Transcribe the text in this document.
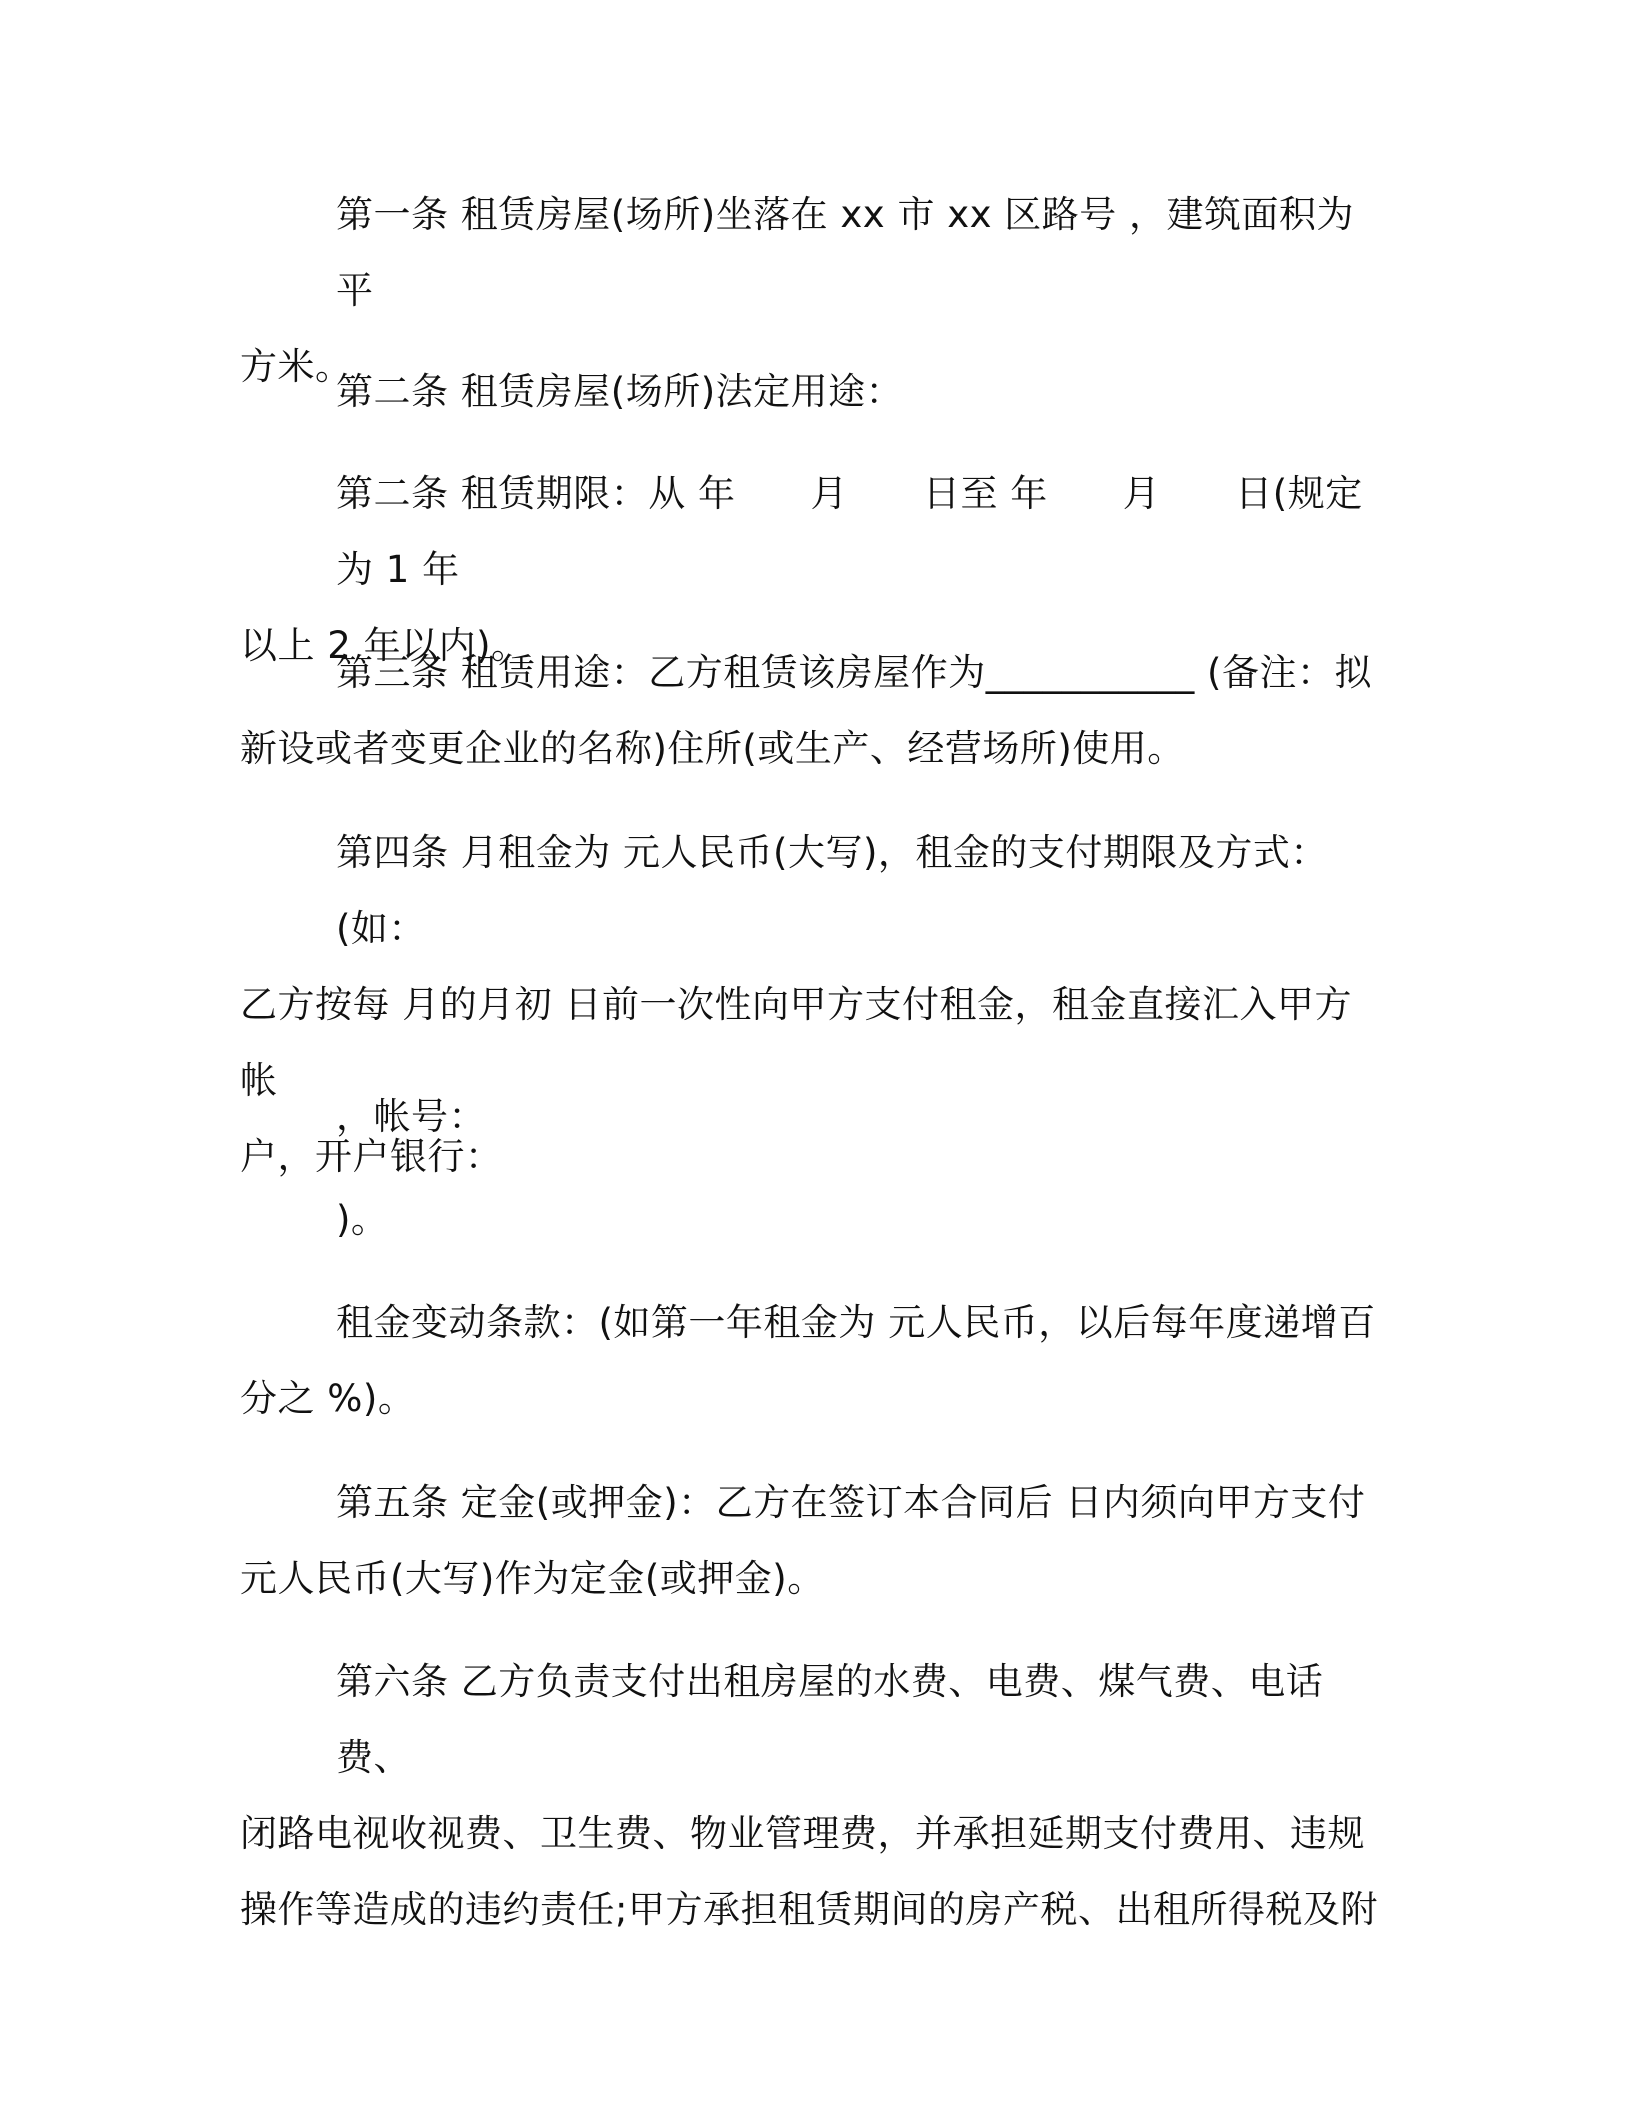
第一条 租赁房屋(场所)坐落在 xx 市 xx 区路号 ，建筑面积为 平
方米。
第二条 租赁房屋(场所)法定用途：
第二条 租赁期限：从 年　　月　　日至 年　　月　　日(规定为 1 年
以上 2 年以内)。
第三条 租赁用途：乙方租赁该房屋作为___________ (备注：拟
新设或者变更企业的名称)住所(或生产、经营场所)使用。
第四条 月租金为 元人民币(大写)，租金的支付期限及方式：(如：
乙方按每 月的月初 日前一次性向甲方支付租金，租金直接汇入甲方帐
户，开户银行：
，帐号：
)。
租金变动条款：(如第一年租金为 元人民币，以后每年度递增百
分之 %)。
第五条 定金(或押金)：乙方在签订本合同后 日内须向甲方支付
元人民币(大写)作为定金(或押金)。
第六条 乙方负责支付出租房屋的水费、电费、煤气费、电话费、
闭路电视收视费、卫生费、物业管理费，并承担延期支付费用、违规
操作等造成的违约责任;甲方承担租赁期间的房产税、出租所得税及附
